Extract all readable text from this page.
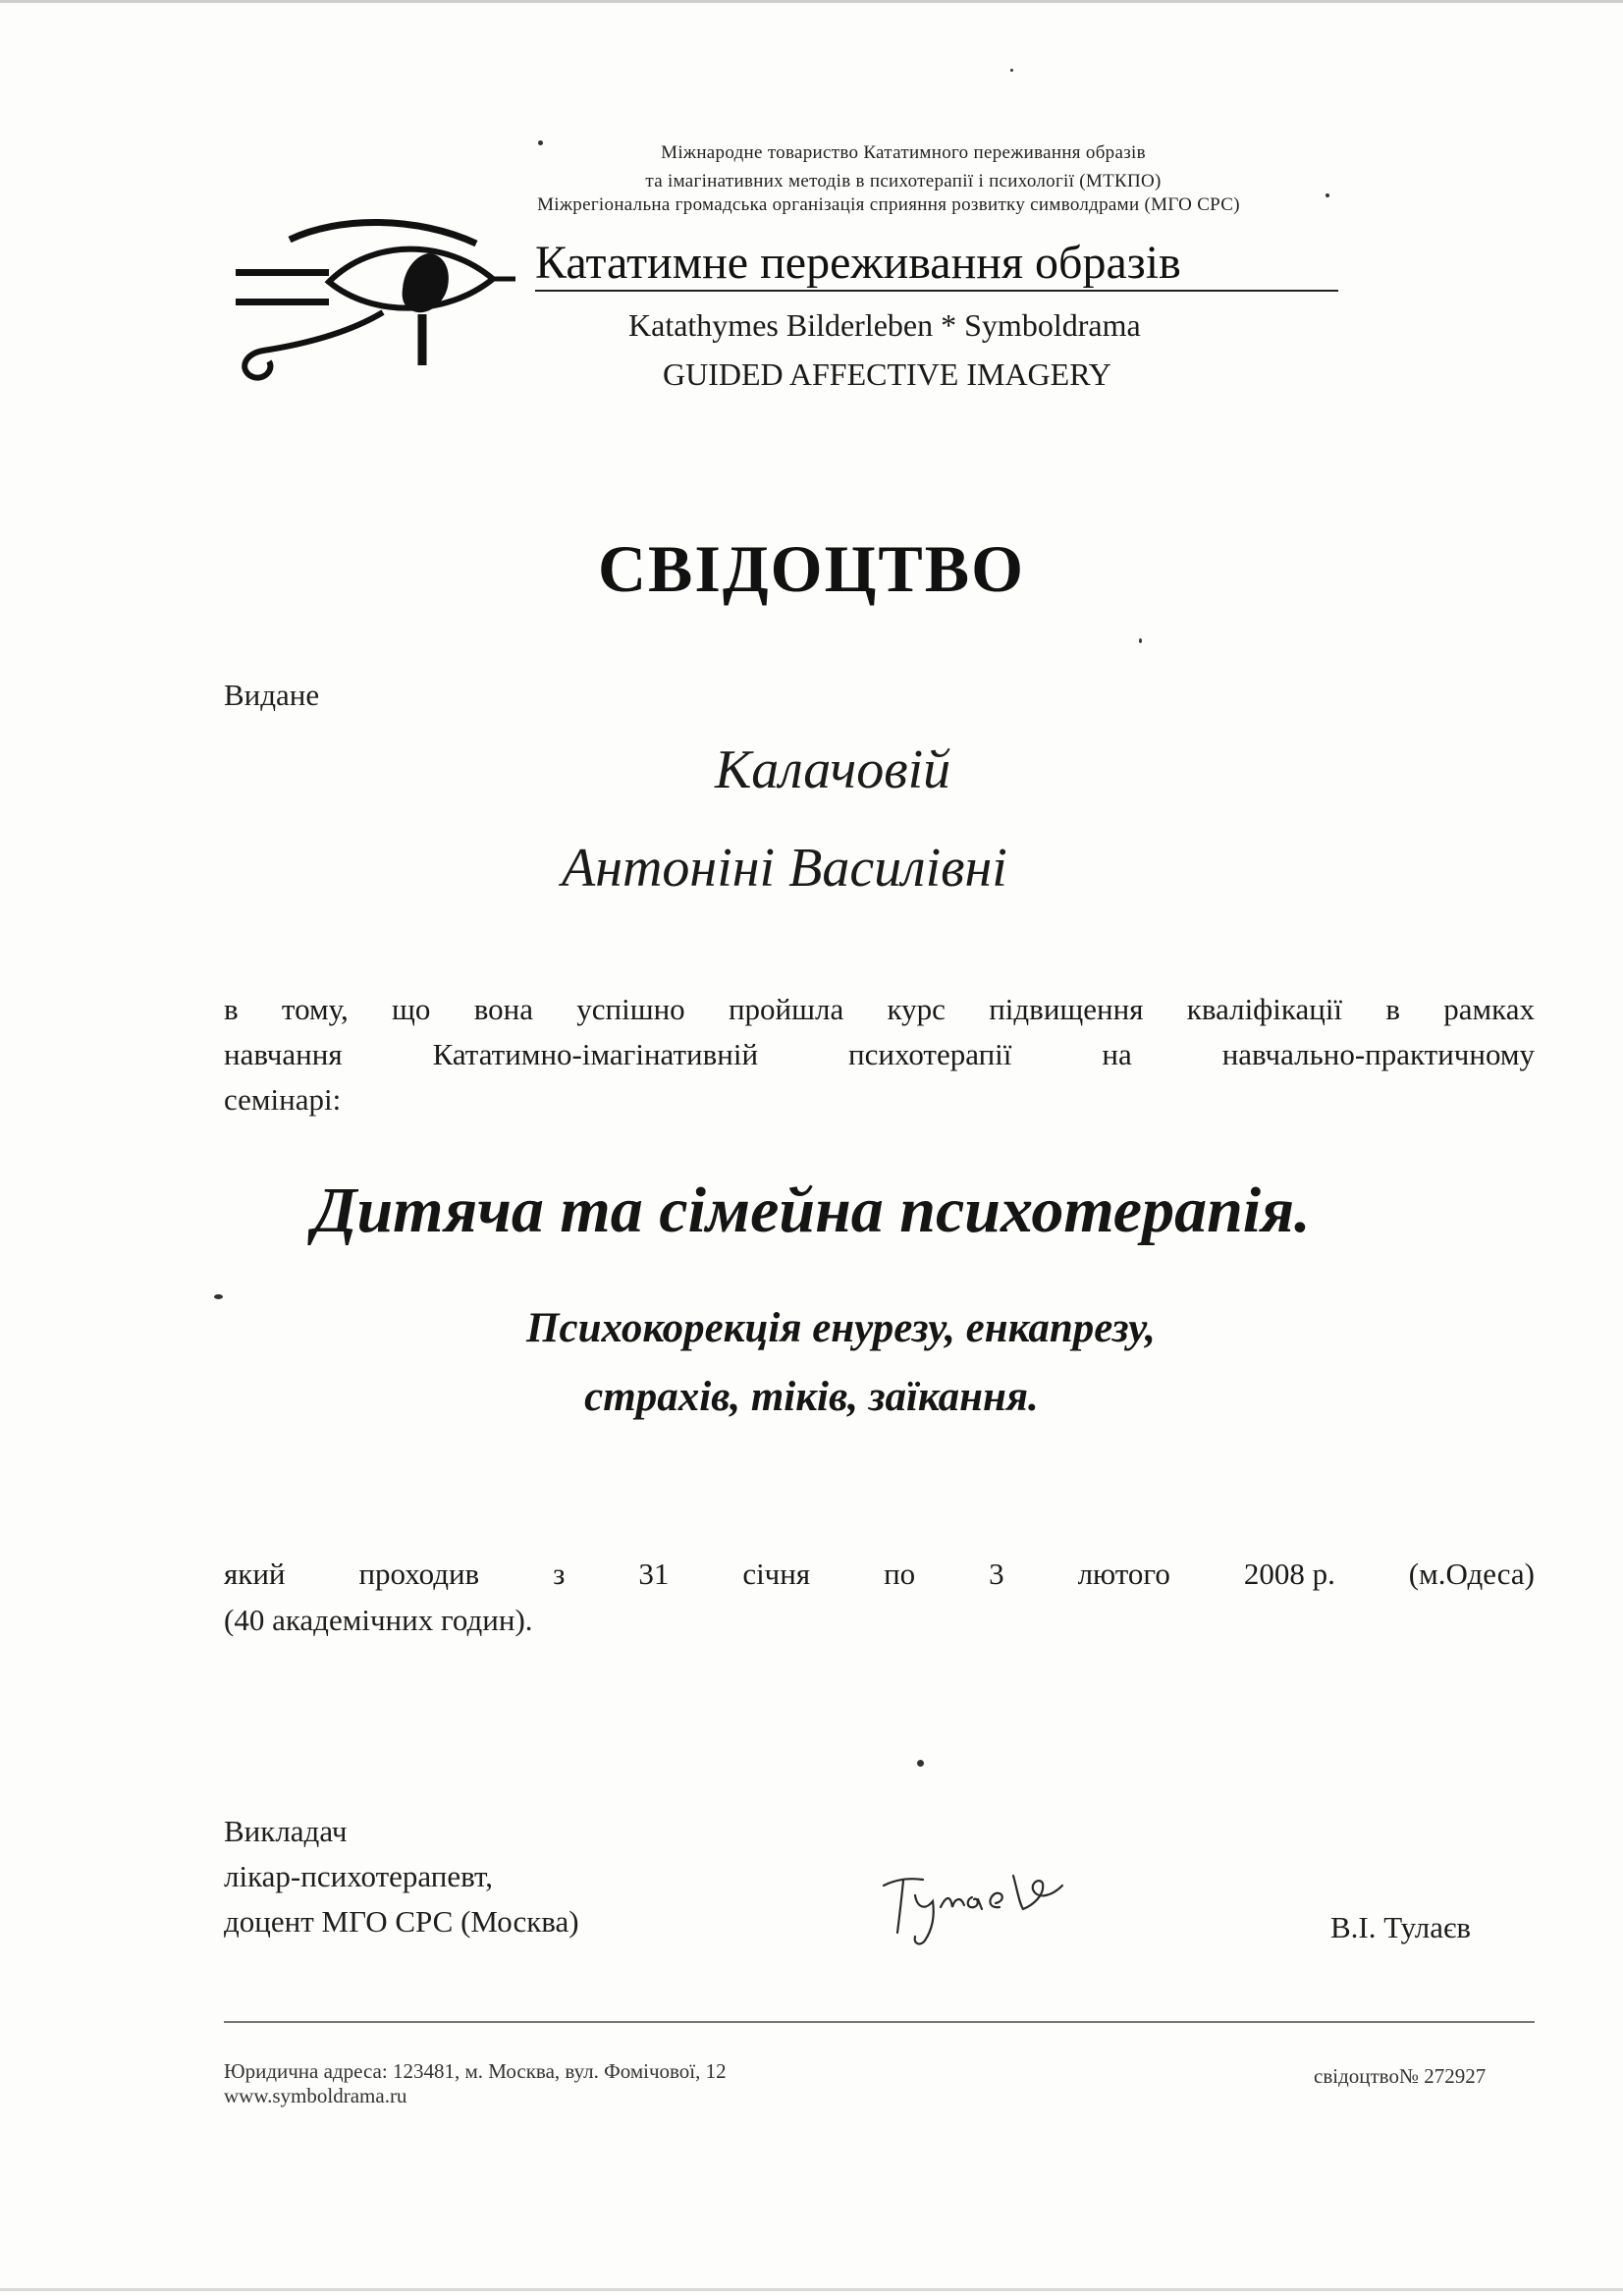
Міжнародне товариство Кататимного переживання образів
та імагінативних методів в психотерапії і психології (МТКПО)
Міжрегіональна громадська організація сприяння розвитку символдрами (МГО СРС)
Кататимне переживання образів
Katathymes Bilderleben * Symboldrama
GUIDED AFFECTIVE IMAGERY
СВІДОЦТВО
Видане
Калачовій
Антоніні Василівні
в тому, що вона успішно пройшла курс підвищення кваліфікації в рамках
навчання Кататимно-імагінативній психотерапії на навчально-практичному
семінарі:
Дитяча та сімейна психотерапія.
Психокорекція енурезу, енкапрезу,
страхів, тіків, заїкання.
який проходив з 31 січня по 3 лютого 2008 р. (м.Одеса)
(40 академічних годин).
Викладач
лікар-психотерапевт,
доцент МГО СРС (Москва)	В.І. Тулаєв
Юридична адреса: 123481, м. Москва, вул. Фомічової, 12
www.symboldrama.ru
свідоцтво№ 272927
